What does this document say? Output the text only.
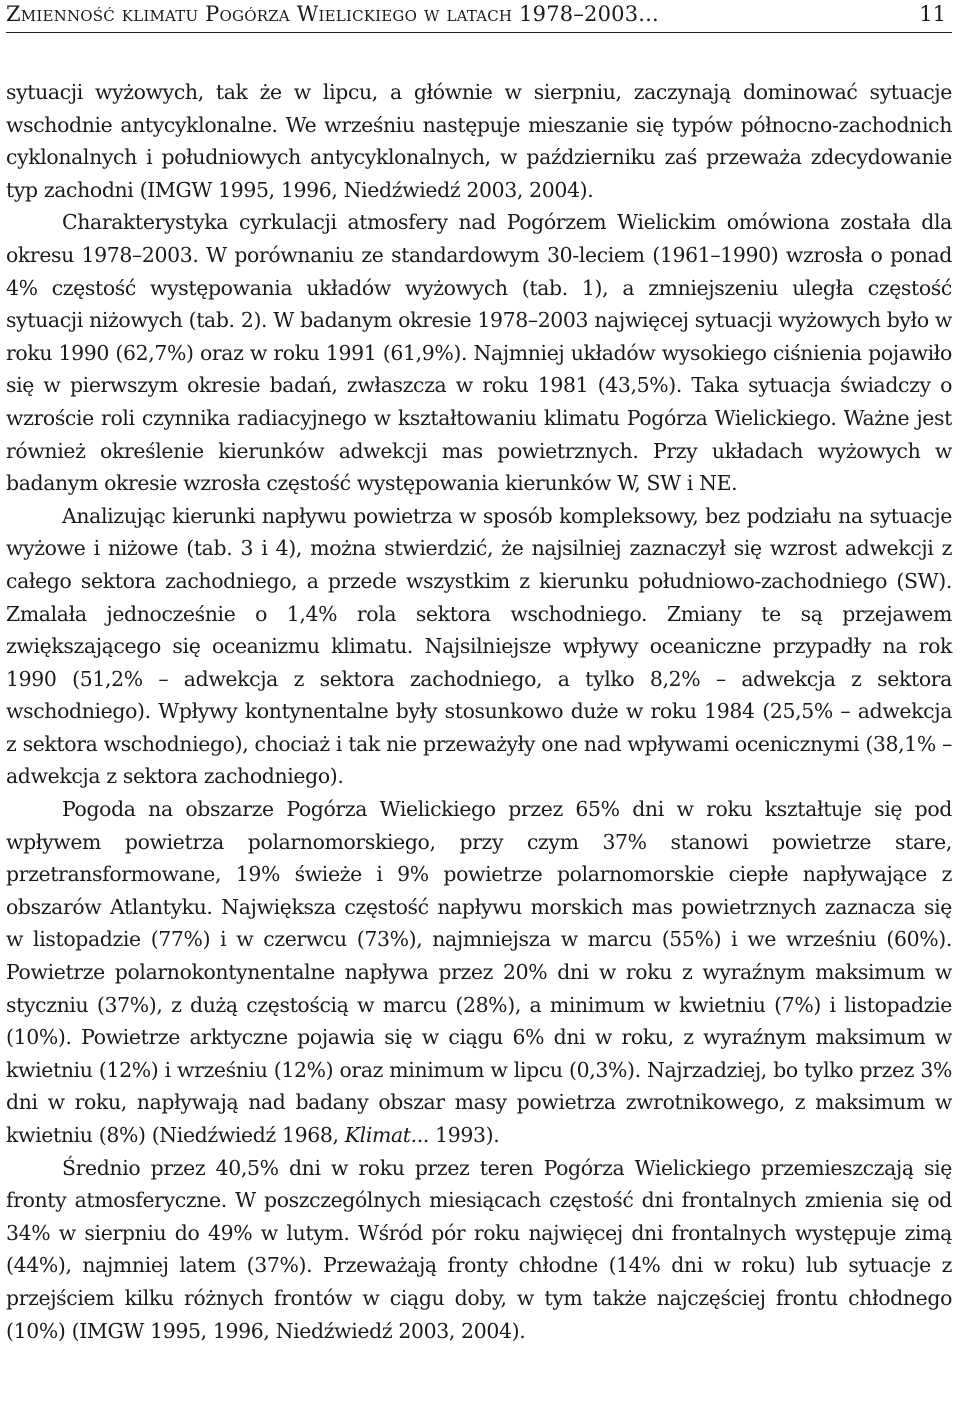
Zmienność klimatu Pogórza Wielickiego w latach 1978–2003...	11

sytuacji wyżowych, tak że w lipcu, a głównie w sierpniu, zaczynają dominować sytuacje wschodnie antycyklonalne. We wrześniu następuje mieszanie się typów północno-zachodnich cyklonalnych i południowych antycyklonalnych, w październiku zaś przeważa zdecydowanie typ zachodni (IMGW 1995, 1996, Niedźwiedź 2003, 2004).

Charakterystyka cyrkulacji atmosfery nad Pogórzem Wielickim omówiona została dla okresu 1978–2003. W porównaniu ze standardowym 30-leciem (1961–1990) wzrosła o ponad 4% częstość występowania układów wyżowych (tab. 1), a zmniejszeniu uległa częstość sytuacji niżowych (tab. 2). W badanym okresie 1978–2003 najwięcej sytuacji wyżowych było w roku 1990 (62,7%) oraz w roku 1991 (61,9%). Najmniej układów wysokiego ciśnienia pojawiło się w pierwszym okresie badań, zwłaszcza w roku 1981 (43,5%). Taka sytuacja świadczy o wzroście roli czynnika radiacyjnego w kształtowaniu klimatu Pogórza Wielickiego. Ważne jest również określenie kierunków adwekcji mas powietrznych. Przy układach wyżowych w badanym okresie wzrosła częstość występowania kierunków W, SW i NE.

Analizując kierunki napływu powietrza w sposób kompleksowy, bez podziału na sytuacje wyżowe i niżowe (tab. 3 i 4), można stwierdzić, że najsilniej zaznaczył się wzrost adwekcji z całego sektora zachodniego, a przede wszystkim z kierunku południowo-zachodniego (SW). Zmalała jednocześnie o 1,4% rola sektora wschodniego. Zmiany te są przejawem zwiększającego się oceanizmu klimatu. Najsilniejsze wpływy oceaniczne przypadły na rok 1990 (51,2% – adwekcja z sektora zachodniego, a tylko 8,2% – adwekcja z sektora wschodniego). Wpływy kontynentalne były stosunkowo duże w roku 1984 (25,5% – adwekcja z sektora wschodniego), chociaż i tak nie przeważyły one nad wpływami ocenicznymi (38,1% – adwekcja z sektora zachodniego).

Pogoda na obszarze Pogórza Wielickiego przez 65% dni w roku kształtuje się pod wpływem powietrza polarnomorskiego, przy czym 37% stanowi powietrze stare, przetransformowane, 19% świeże i 9% powietrze polarnomorskie ciepłe napływające z obszarów Atlantyku. Największa częstość napływu morskich mas powietrznych zaznacza się w listopadzie (77%) i w czerwcu (73%), najmniejsza w marcu (55%) i we wrześniu (60%). Powietrze polarnokontynentalne napływa przez 20% dni w roku z wyraźnym maksimum w styczniu (37%), z dużą częstością w marcu (28%), a minimum w kwietniu (7%) i listopadzie (10%). Powietrze arktyczne pojawia się w ciągu 6% dni w roku, z wyraźnym maksimum w kwietniu (12%) i wrześniu (12%) oraz minimum w lipcu (0,3%). Najrzadziej, bo tylko przez 3% dni w roku, napływają nad badany obszar masy powietrza zwrotnikowego, z maksimum w kwietniu (8%) (Niedźwiedź 1968, Klimat... 1993).

Średnio przez 40,5% dni w roku przez teren Pogórza Wielickiego przemieszczają się fronty atmosferyczne. W poszczególnych miesiącach częstość dni frontalnych zmienia się od 34% w sierpniu do 49% w lutym. Wśród pór roku najwięcej dni frontalnych występuje zimą (44%), najmniej latem (37%). Przeważają fronty chłodne (14% dni w roku) lub sytuacje z przejściem kilku różnych frontów w ciągu doby, w tym także najczęściej frontu chłodnego (10%) (IMGW 1995, 1996, Niedźwiedź 2003, 2004).
